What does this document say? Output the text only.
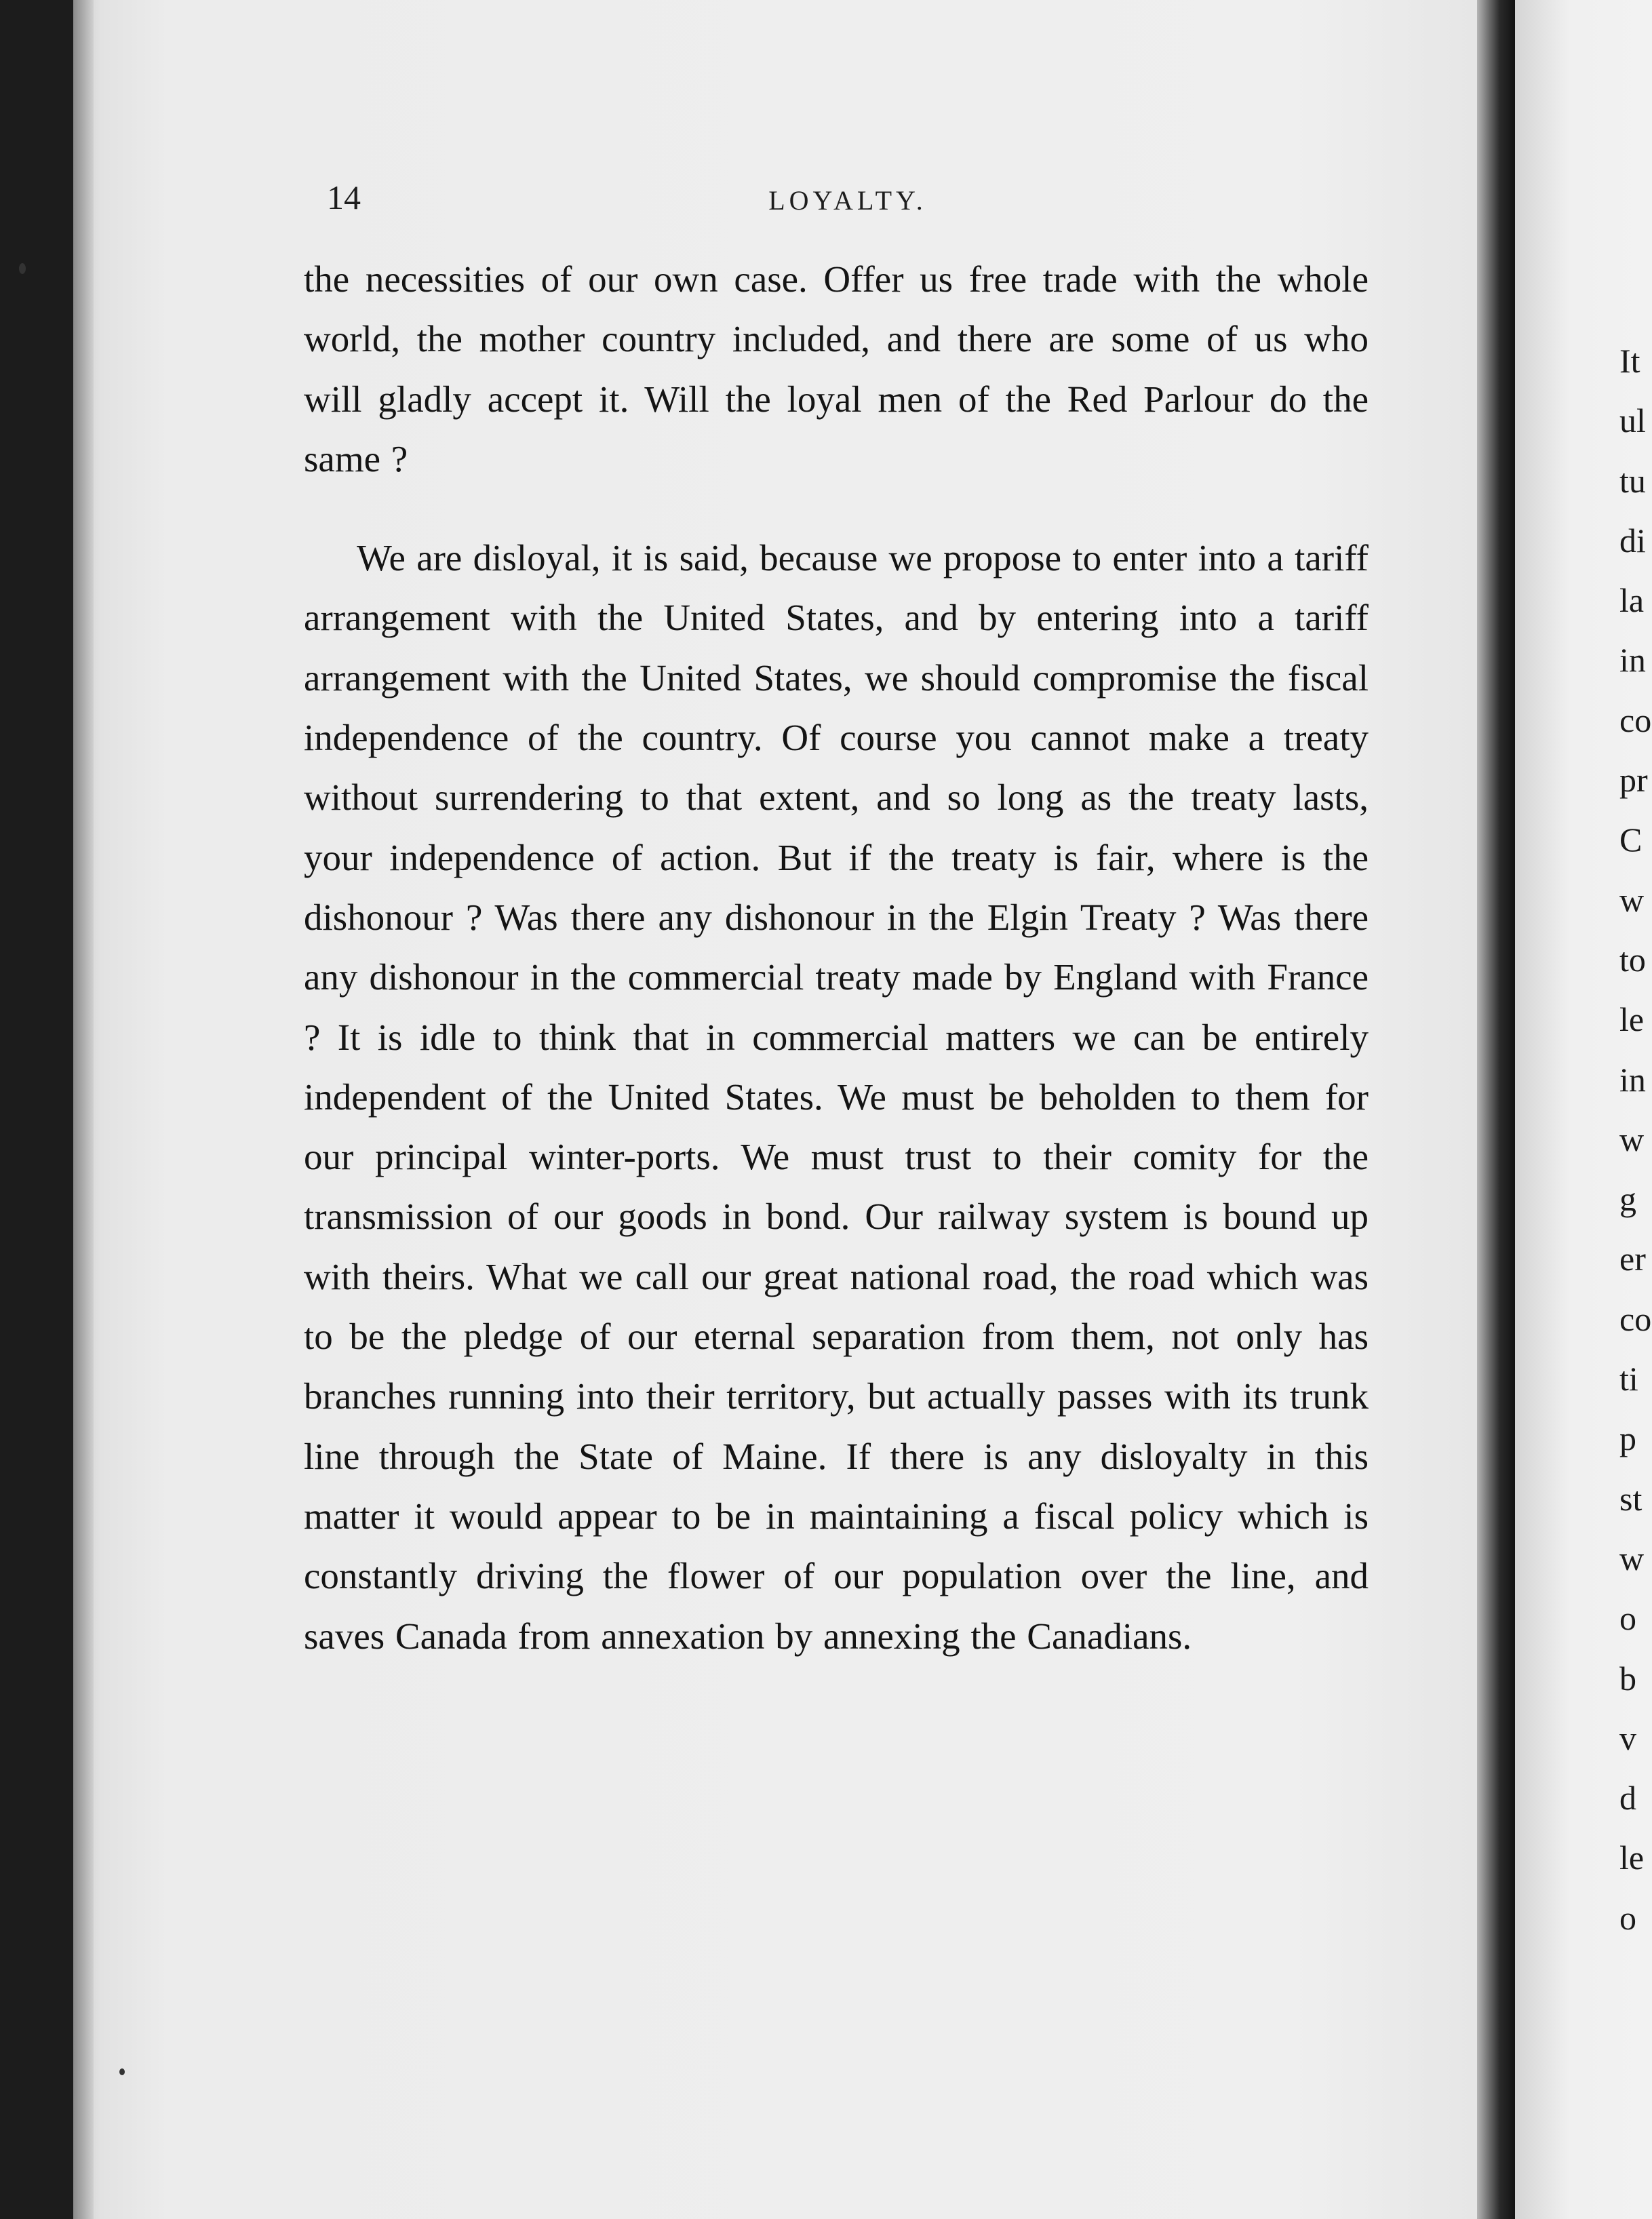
14	LOYALTY.

the necessities of our own case. Offer us free trade with the whole world, the mother country included, and there are some of us who will gladly accept it. Will the loyal men of the Red Parlour do the same ?

We are disloyal, it is said, because we propose to enter into a tariff arrangement with the United States, and by entering into a tariff arrangement with the United States, we should compromise the fiscal independence of the country. Of course you cannot make a treaty without surrendering to that extent, and so long as the treaty lasts, your independence of action. But if the treaty is fair, where is the dishonour ? Was there any dishonour in the Elgin Treaty ? Was there any dishonour in the commercial treaty made by England with France ? It is idle to think that in commercial matters we can be entirely independent of the United States. We must be beholden to them for our principal winter-ports. We must trust to their comity for the transmission of our goods in bond. Our railway system is bound up with theirs. What we call our great national road, the road which was to be the pledge of our eternal separation from them, not only has branches running into their territory, but actually passes with its trunk line through the State of Maine. If there is any disloyalty in this matter it would appear to be in maintaining a fiscal policy which is constantly driving the flower of our population over the line, and saves Canada from annexation by annexing the Canadians.

It
ul
tu
di
la
in
co
pr
C
w
to
le
in
w
g
er
co
ti
p
st
w
o
b
v
d
le
o
